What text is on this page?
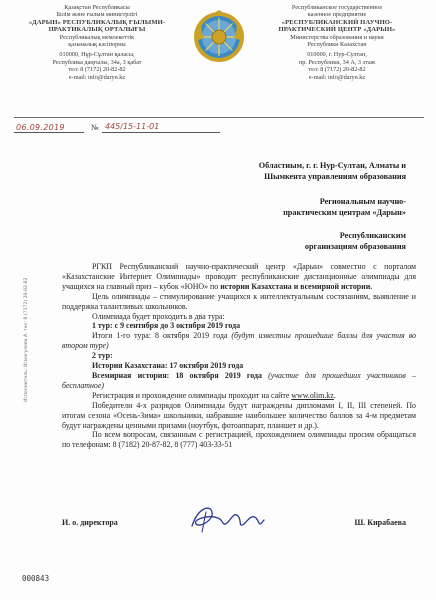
Қазақстан Республикасы
Білім және ғылым министрлігі
«ДАРЫН» РЕСПУБЛИКАЛЫҚ ҒЫЛЫМИ-
ПРАКТИКАЛЫҚ ОРТАЛЫҒЫ
Республикалық мемлекеттік
қазыналық кәсіпорны
010000, Нұр-Сұлтан қаласы,
Республика даңғылы, 34а, 3 қабат
тел: 8 (7172) 20-82-82
e-mail: info@daryn.kz
Республиканское государственное
казенное предприятие
«РЕСПУБЛИКАНСКИЙ НАУЧНО-
ПРАКТИЧЕСКИЙ ЦЕНТР «ДАРЫН»
Министерства образования и науки
Республики Казахстан
010000, г. Нур-Султан,
пр. Республики, 34 А, 3 этаж
тел: 8 (7172) 20-82-82
e-mail: info@daryn.kz
06.09.2019	№ 445/15-11-01
Областным, г. г. Нур-Султан, Алматы и
Шымкента управлениям образования
Региональным научно-
практическим центрам «Дарын»
Республиканским
организациям образования
Исполнитель: Исмагулова А. тел: 8 (7172) 20-82-82

РГКП Республиканский научно-практический центр «Дарын» совместно с порталом «Казахстанские Интернет Олимпиады» проводит республиканские дистанционные олимпиады для учащихся на главный приз – кубок «ЮНО» по истории Казахстана и всемирной истории.

Цель олимпиады – стимулирование учащихся к интеллектуальным состязаниям, выявление и поддержка талантливых школьников.

Олимпиада будет проходить в два тура:

1 тур: с 9 сентября до 3 октября 2019 года

Итоги 1-го тура: 8 октября 2019 года (будут известны прошедшие баллы для участия во втором туре)

2 тур:

История Казахстана: 17 октября 2019 года

Всемирная история: 18 октября 2019 года (участие для прошедших участников – бесплатное)

Регистрация и прохождение олимпиады проходит на сайте www.olim.kz.

Победители 4-х разрядов Олимпиады будут награждены дипломами I, II, III степеней. По итогам сезона «Осень-Зима» школьники, набравшие наибольшее количество баллов за 4-м предметам будут награждены ценными призами (ноутбук, фотоаппарат, планшет и др.).

По всем вопросам, связанным с регистрацией, прохождением олимпиады просим обращаться по телефонам: 8 (7182) 20-87-82, 8 (777) 403-33-51

И. о. директора	Ш. Кирабаева
000843
